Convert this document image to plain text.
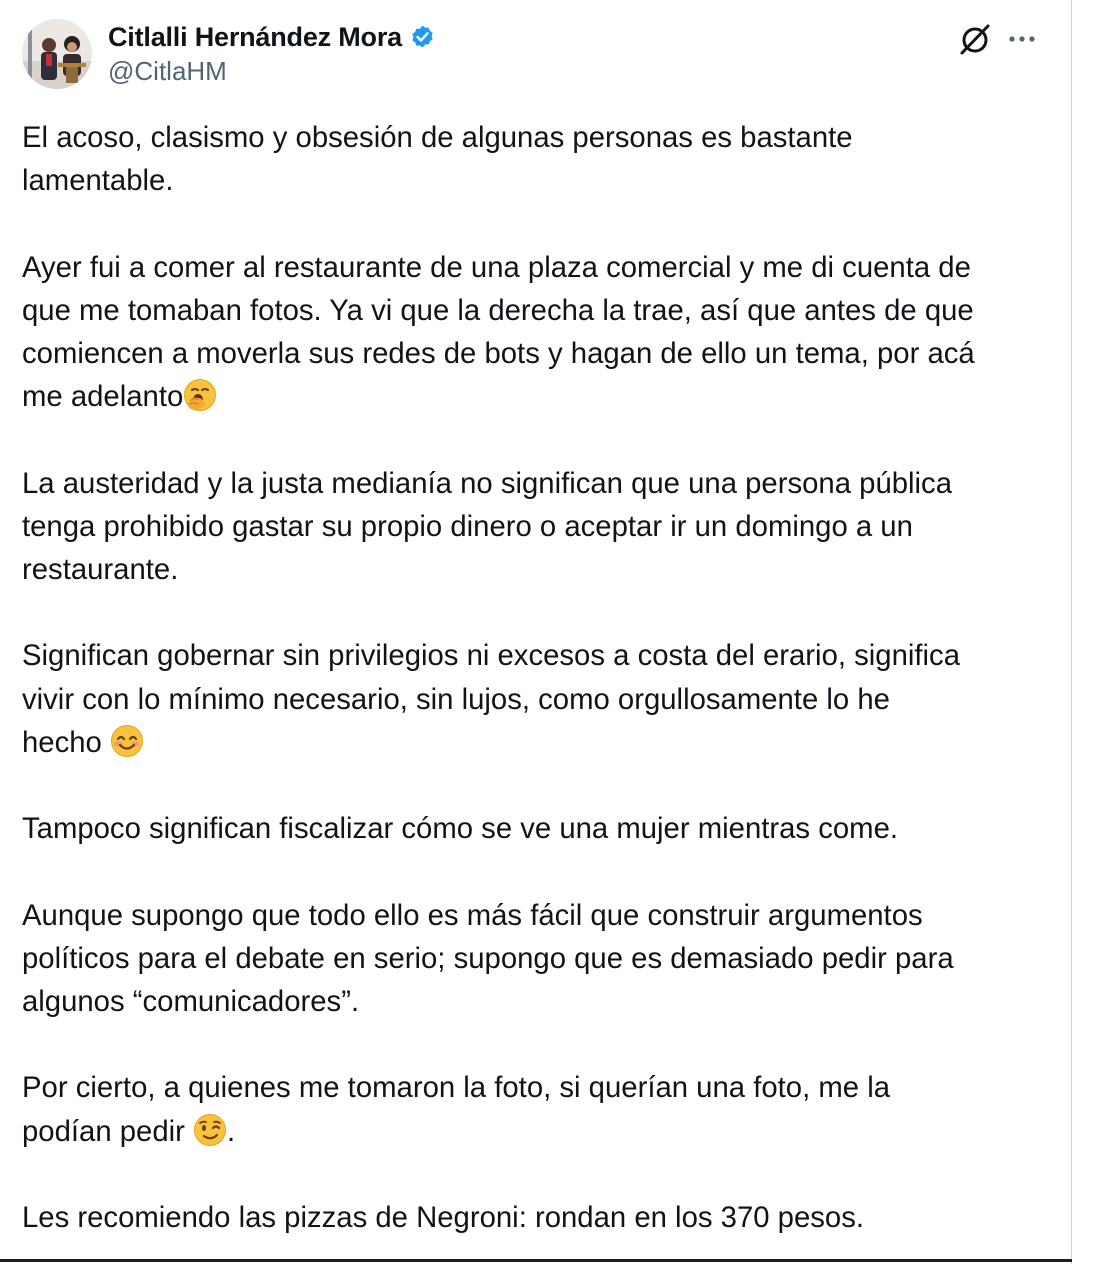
Citlalli Hernández Mora
@CitlaHM

El acoso, clasismo y obsesión de algunas personas es bastante
lamentable.

Ayer fui a comer al restaurante de una plaza comercial y me di cuenta de
que me tomaban fotos. Ya vi que la derecha la trae, así que antes de que
comiencen a moverla sus redes de bots y hagan de ello un tema, por acá
me adelanto

La austeridad y la justa medianía no significan que una persona pública
tenga prohibido gastar su propio dinero o aceptar ir un domingo a un
restaurante.

Significan gobernar sin privilegios ni excesos a costa del erario, significa
vivir con lo mínimo necesario, sin lujos, como orgullosamente lo he
hecho

Tampoco significan fiscalizar cómo se ve una mujer mientras come.

Aunque supongo que todo ello es más fácil que construir argumentos
políticos para el debate en serio; supongo que es demasiado pedir para
algunos “comunicadores”.

Por cierto, a quienes me tomaron la foto, si querían una foto, me la
podían pedir
.

Les recomiendo las pizzas de Negroni: rondan en los 370 pesos.
